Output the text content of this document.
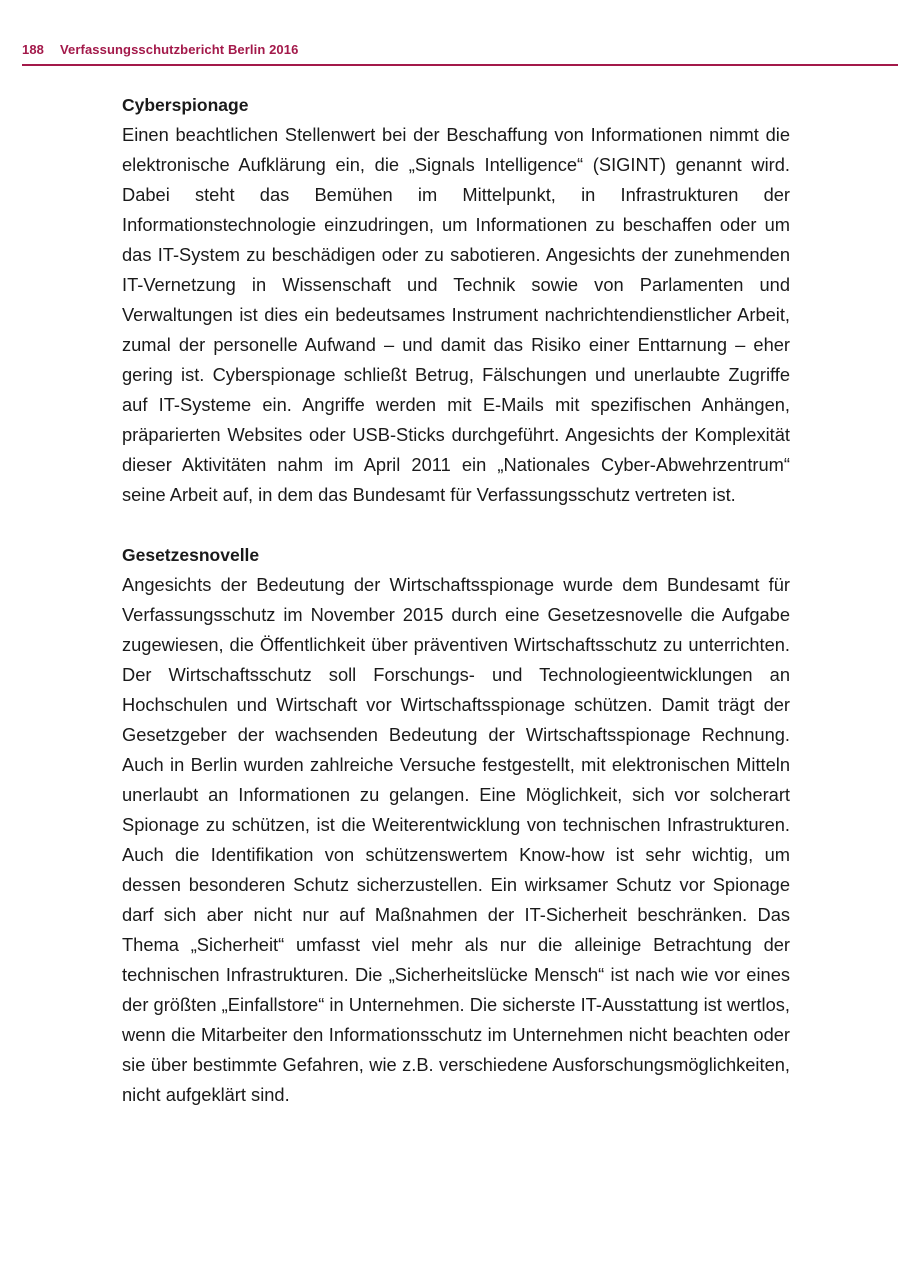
188 Verfassungsschutzbericht Berlin 2016
Cyberspionage

Einen beachtlichen Stellenwert bei der Beschaffung von Informationen nimmt die elektronische Aufklärung ein, die „Signals Intelligence“ (SIGINT) genannt wird. Dabei steht das Bemühen im Mittelpunkt, in Infrastrukturen der Informationstechnologie einzudringen, um Informationen zu beschaffen oder um das IT-System zu beschädigen oder zu sabotieren. Angesichts der zunehmenden IT-Vernetzung in Wissenschaft und Technik sowie von Parlamenten und Verwaltungen ist dies ein bedeutsames Instrument nachrichtendienstlicher Arbeit, zumal der personelle Aufwand – und damit das Risiko einer Enttarnung – eher gering ist. Cyberspionage schließt Betrug, Fälschungen und unerlaubte Zugriffe auf IT-Systeme ein. Angriffe werden mit E-Mails mit spezifischen Anhängen, präparierten Websites oder USB-Sticks durchgeführt. Angesichts der Komplexität dieser Aktivitäten nahm im April 2011 ein „Nationales Cyber-Abwehrzentrum“ seine Arbeit auf, in dem das Bundesamt für Verfassungsschutz vertreten ist.

Gesetzesnovelle

Angesichts der Bedeutung der Wirtschaftsspionage wurde dem Bundesamt für Verfassungsschutz im November 2015 durch eine Gesetzesnovelle die Aufgabe zugewiesen, die Öffentlichkeit über präventiven Wirtschaftsschutz zu unterrichten. Der Wirtschaftsschutz soll Forschungs- und Technologieentwicklungen an Hochschulen und Wirtschaft vor Wirtschaftsspionage schützen. Damit trägt der Gesetzgeber der wachsenden Bedeutung der Wirtschaftsspionage Rechnung. Auch in Berlin wurden zahlreiche Versuche festgestellt, mit elektronischen Mitteln unerlaubt an Informationen zu gelangen. Eine Möglichkeit, sich vor solcherart Spionage zu schützen, ist die Weiterentwicklung von technischen Infrastrukturen. Auch die Identifikation von schützenswertem Know-how ist sehr wichtig, um dessen besonderen Schutz sicherzustellen. Ein wirksamer Schutz vor Spionage darf sich aber nicht nur auf Maßnahmen der IT-Sicherheit beschränken. Das Thema „Sicherheit“ umfasst viel mehr als nur die alleinige Betrachtung der technischen Infrastrukturen. Die „Sicherheitslücke Mensch“ ist nach wie vor eines der größten „Einfallstore“ in Unternehmen. Die sicherste IT-Ausstattung ist wertlos, wenn die Mitarbeiter den Informationsschutz im Unternehmen nicht beachten oder sie über bestimmte Gefahren, wie z.B. verschiedene Ausforschungsmöglichkeiten, nicht aufgeklärt sind.
